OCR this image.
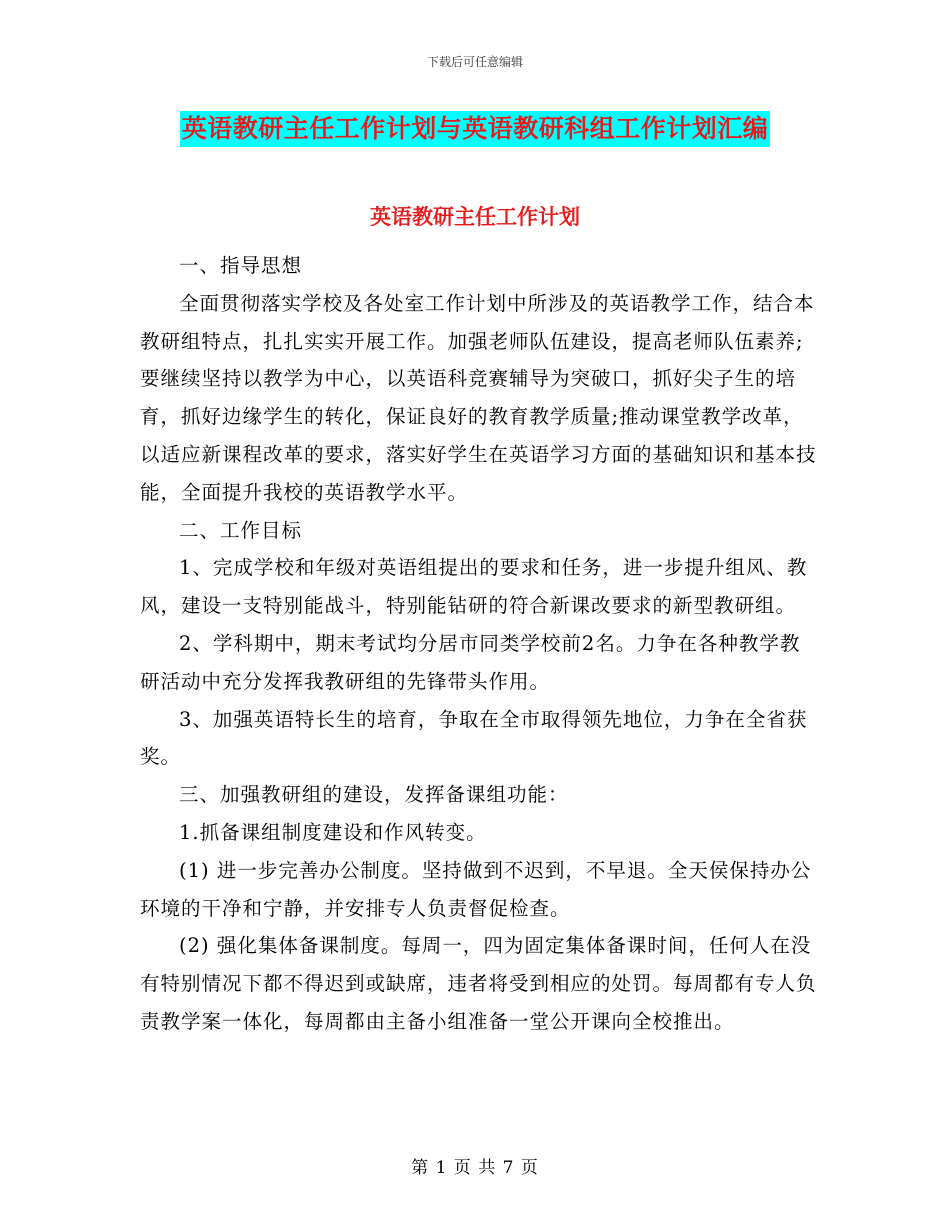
下载后可任意编辑
英语教研主任工作计划与英语教研科组工作计划汇编
英语教研主任工作计划

一、指导思想

全面贯彻落实学校及各处室工作计划中所涉及的英语教学工作，结合本教研组特点，扎扎实实开展工作。加强老师队伍建设，提高老师队伍素养;要继续坚持以教学为中心，以英语科竞赛辅导为突破口，抓好尖子生的培育，抓好边缘学生的转化，保证良好的教育教学质量;推动课堂教学改革，以适应新课程改革的要求，落实好学生在英语学习方面的基础知识和基本技能，全面提升我校的英语教学水平。

二、工作目标

1、完成学校和年级对英语组提出的要求和任务，进一步提升组风、教风，建设一支特别能战斗，特别能钻研的符合新课改要求的新型教研组。

2、学科期中，期末考试均分居市同类学校前2名。力争在各种教学教研活动中充分发挥我教研组的先锋带头作用。

3、加强英语特长生的培育，争取在全市取得领先地位，力争在全省获奖。

三、加强教研组的建设，发挥备课组功能：

1.抓备课组制度建设和作风转变。

(1) 进一步完善办公制度。坚持做到不迟到，不早退。全天侯保持办公环境的干净和宁静，并安排专人负责督促检查。

(2) 强化集体备课制度。每周一，四为固定集体备课时间，任何人在没有特别情况下都不得迟到或缺席，违者将受到相应的处罚。每周都有专人负责教学案一体化，每周都由主备小组准备一堂公开课向全校推出。

第 1 页 共 7 页
